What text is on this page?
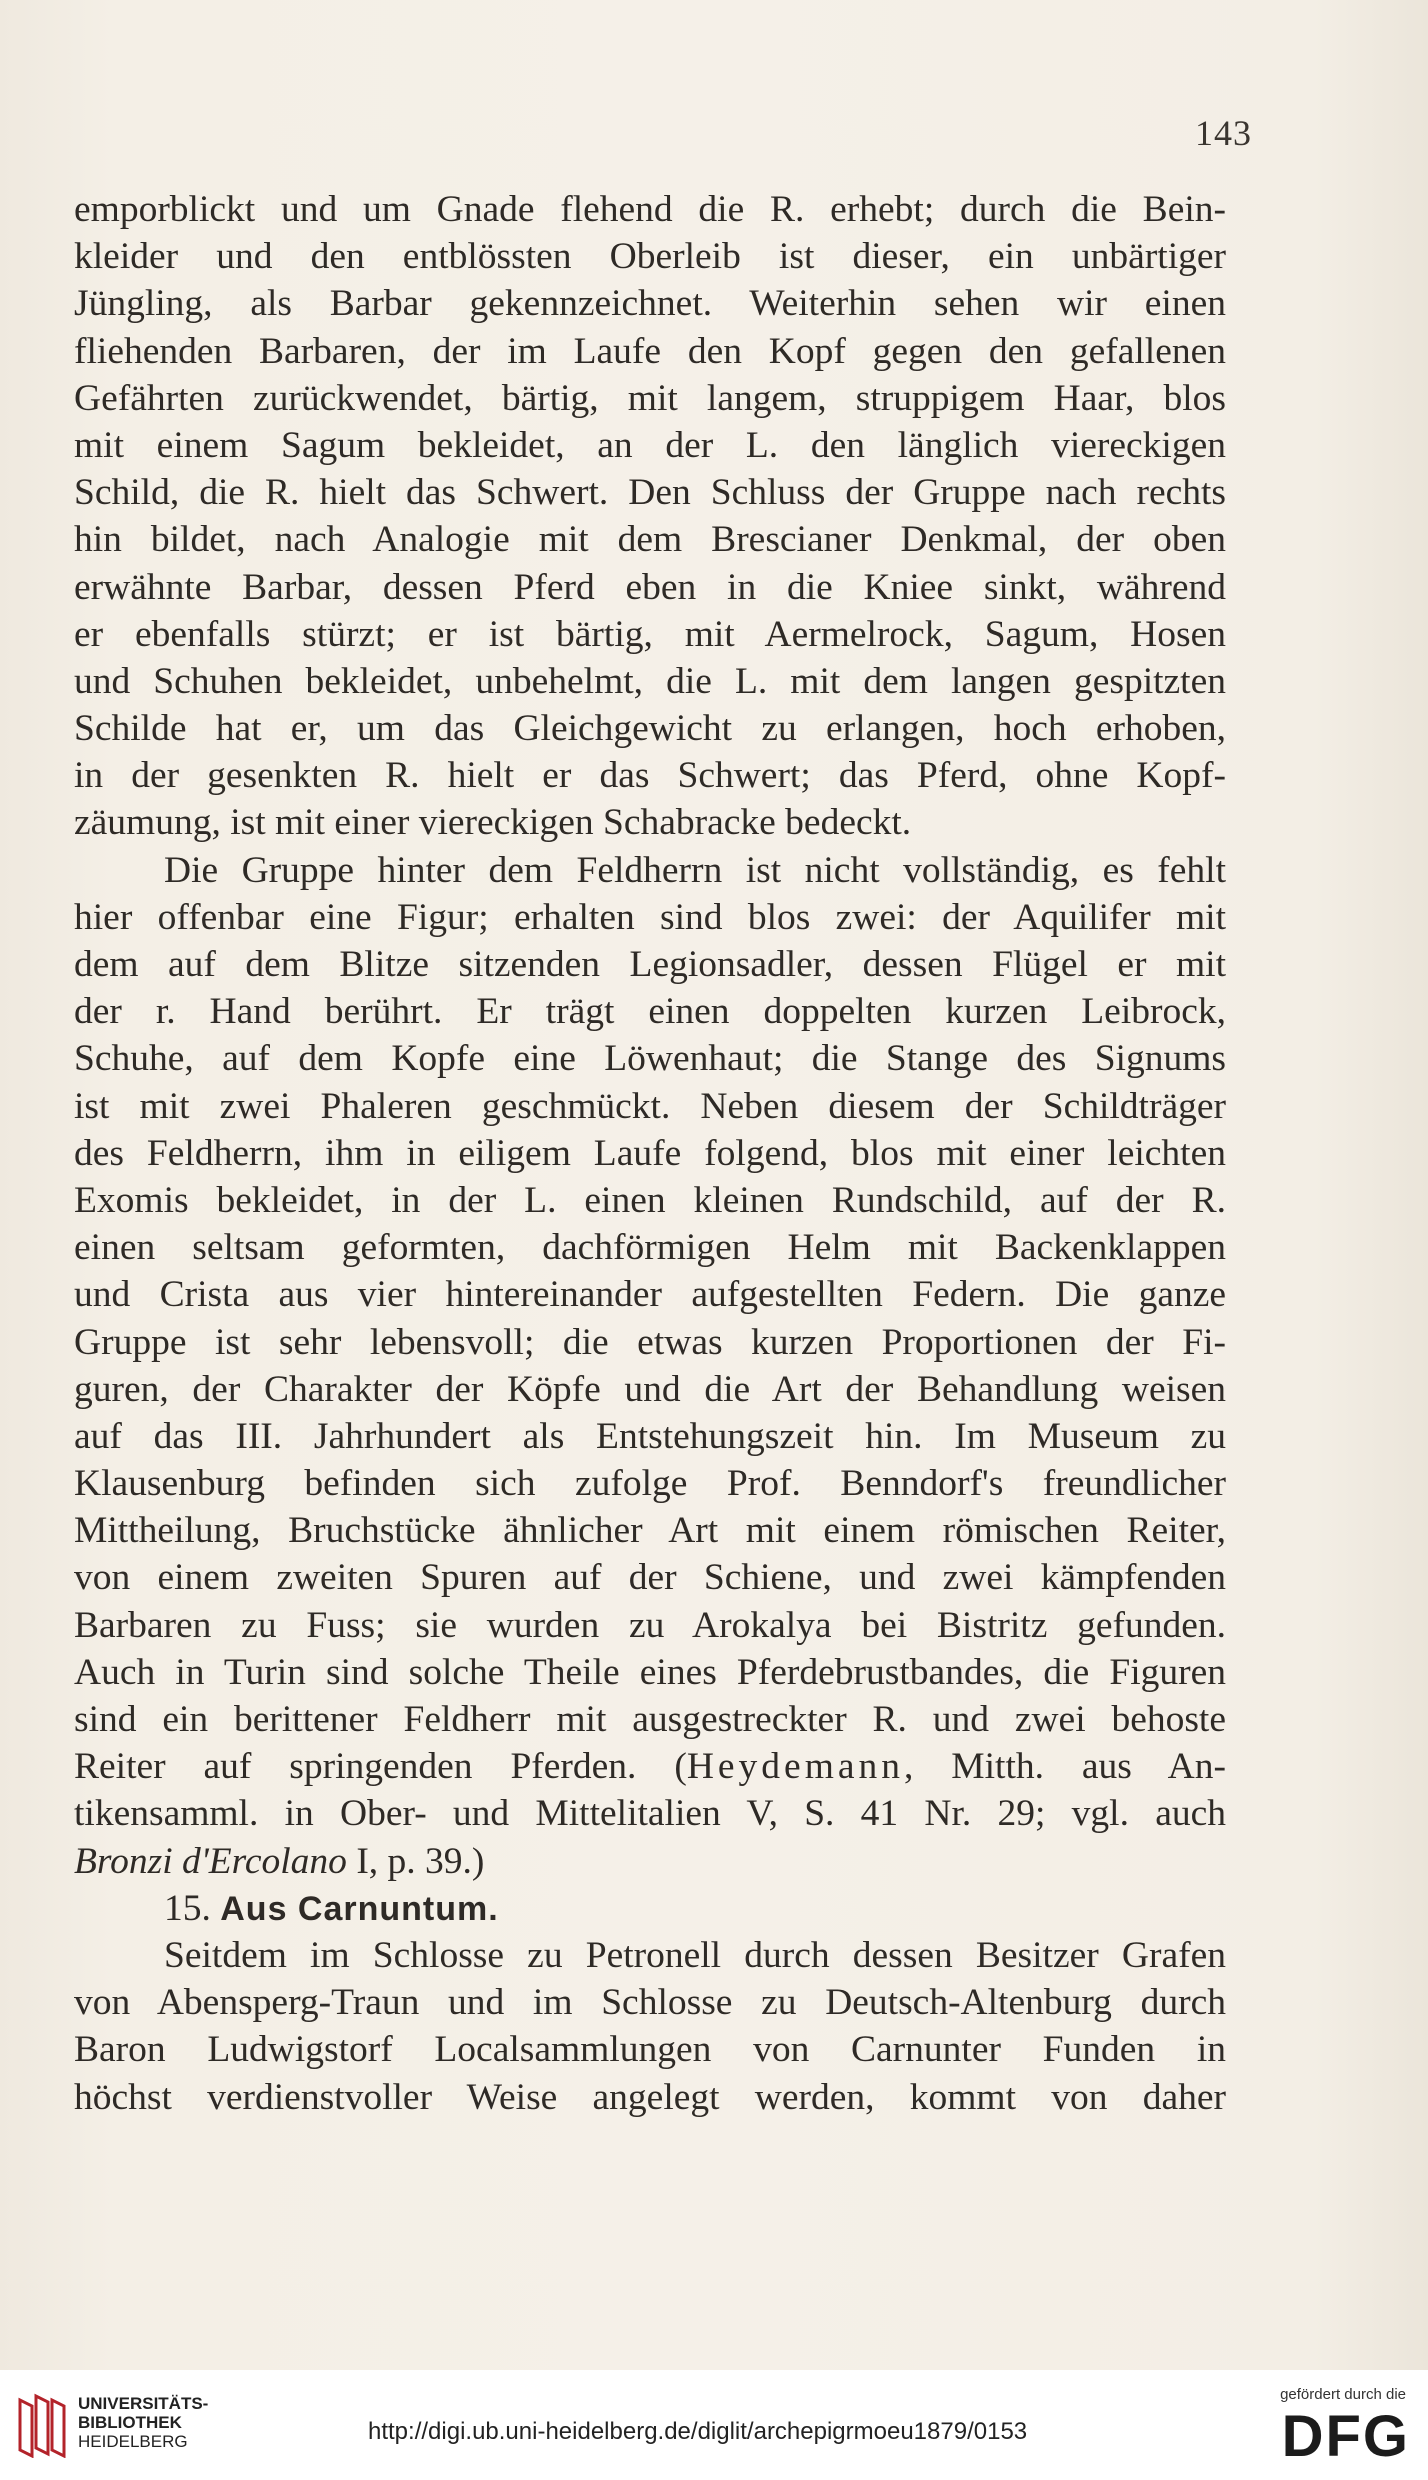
143
emporblickt und um Gnade flehend die R. erhebt; durch die Bein-
kleider und den entblössten Oberleib ist dieser, ein unbärtiger
Jüngling, als Barbar gekennzeichnet. Weiterhin sehen wir einen
fliehenden Barbaren, der im Laufe den Kopf gegen den gefallenen
Gefährten zurückwendet, bärtig, mit langem, struppigem Haar, blos
mit einem Sagum bekleidet, an der L. den länglich viereckigen
Schild, die R. hielt das Schwert. Den Schluss der Gruppe nach rechts
hin bildet, nach Analogie mit dem Brescianer Denkmal, der oben
erwähnte Barbar, dessen Pferd eben in die Kniee sinkt, während
er ebenfalls stürzt; er ist bärtig, mit Aermelrock, Sagum, Hosen
und Schuhen bekleidet, unbehelmt, die L. mit dem langen gespitzten
Schilde hat er, um das Gleichgewicht zu erlangen, hoch erhoben,
in der gesenkten R. hielt er das Schwert; das Pferd, ohne Kopf-
zäumung, ist mit einer viereckigen Schabracke bedeckt.
Die Gruppe hinter dem Feldherrn ist nicht vollständig, es fehlt
hier offenbar eine Figur; erhalten sind blos zwei: der Aquilifer mit
dem auf dem Blitze sitzenden Legionsadler, dessen Flügel er mit
der r. Hand berührt. Er trägt einen doppelten kurzen Leibrock,
Schuhe, auf dem Kopfe eine Löwenhaut; die Stange des Signums
ist mit zwei Phaleren geschmückt. Neben diesem der Schildträger
des Feldherrn, ihm in eiligem Laufe folgend, blos mit einer leichten
Exomis bekleidet, in der L. einen kleinen Rundschild, auf der R.
einen seltsam geformten, dachförmigen Helm mit Backenklappen
und Crista aus vier hintereinander aufgestellten Federn. Die ganze
Gruppe ist sehr lebensvoll; die etwas kurzen Proportionen der Fi-
guren, der Charakter der Köpfe und die Art der Behandlung weisen
auf das III. Jahrhundert als Entstehungszeit hin. Im Museum zu
Klausenburg befinden sich zufolge Prof. Benndorf's freundlicher
Mittheilung, Bruchstücke ähnlicher Art mit einem römischen Reiter,
von einem zweiten Spuren auf der Schiene, und zwei kämpfenden
Barbaren zu Fuss; sie wurden zu Arokalya bei Bistritz gefunden.
Auch in Turin sind solche Theile eines Pferdebrustbandes, die Figuren
sind ein berittener Feldherr mit ausgestreckter R. und zwei behoste
Reiter auf springenden Pferden. (Heydemann, Mitth. aus An-
tikensamml. in Ober- und Mittelitalien V, S. 41 Nr. 29; vgl. auch
Bronzi d'Ercolano I, p. 39.)
15. Aus Carnuntum.
Seitdem im Schlosse zu Petronell durch dessen Besitzer Grafen
von Abensperg-Traun und im Schlosse zu Deutsch-Altenburg durch
Baron Ludwigstorf Localsammlungen von Carnunter Funden in
höchst verdienstvoller Weise angelegt werden, kommt von daher
UNIVERSITÄTS-
BIBLIOTHEK
HEIDELBERG	http://digi.ub.uni-heidelberg.de/diglit/archepigrmoeu1879/0153
gefördert durch die
DFG
